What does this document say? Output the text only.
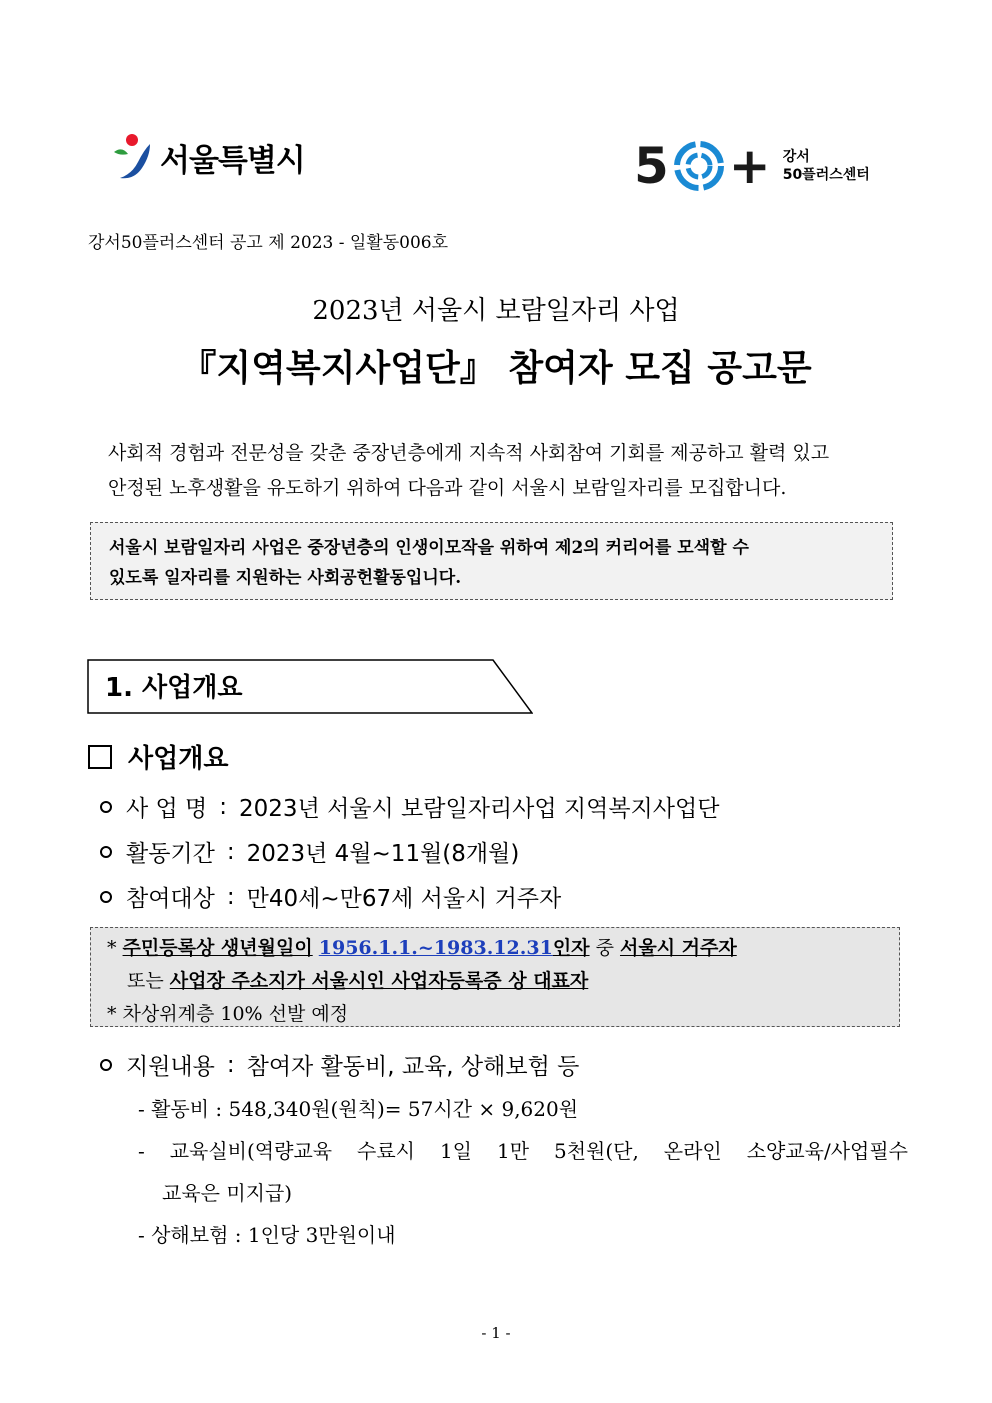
서울특별시	5 + 강서
50플러스센터
강서50플러스센터 공고 제 2023 - 일활동006호
2023년 서울시 보람일자리 사업
『지역복지사업단』 참여자 모집 공고문

사회적 경험과 전문성을 갖춘 중장년층에게 지속적 사회참여 기회를 제공하고 활력 있고

안정된 노후생활을 유도하기 위하여 다음과 같이 서울시 보람일자리를 모집합니다.

서울시 보람일자리 사업은 중장년층의 인생이모작을 위하여 제2의 커리어를 모색할 수
있도록 일자리를 지원하는 사회공헌활동입니다.
1. 사업개요
사업개요
사 업 명 : 2023년 서울시 보람일자리사업 지역복지사업단
활동기간 : 2023년 4월~11월(8개월)
참여대상 : 만40세~만67세 서울시 거주자
* 주민등록상 생년월일이 1956.1.1.~1983.12.31인자 중 서울시 거주자
또는 사업장 주소지가 서울시인 사업자등록증 상 대표자
* 차상위계층 10% 선발 예정
지원내용 : 참여자 활동비, 교육, 상해보험 등
- 활동비 : 548,340원(원칙)= 57시간 × 9,620원
- 교육실비(역량교육 수료시 1일 1만 5천원(단, 온라인 소양교육/사업필수
교육은 미지급)
- 상해보험 : 1인당 3만원이내
- 1 -
